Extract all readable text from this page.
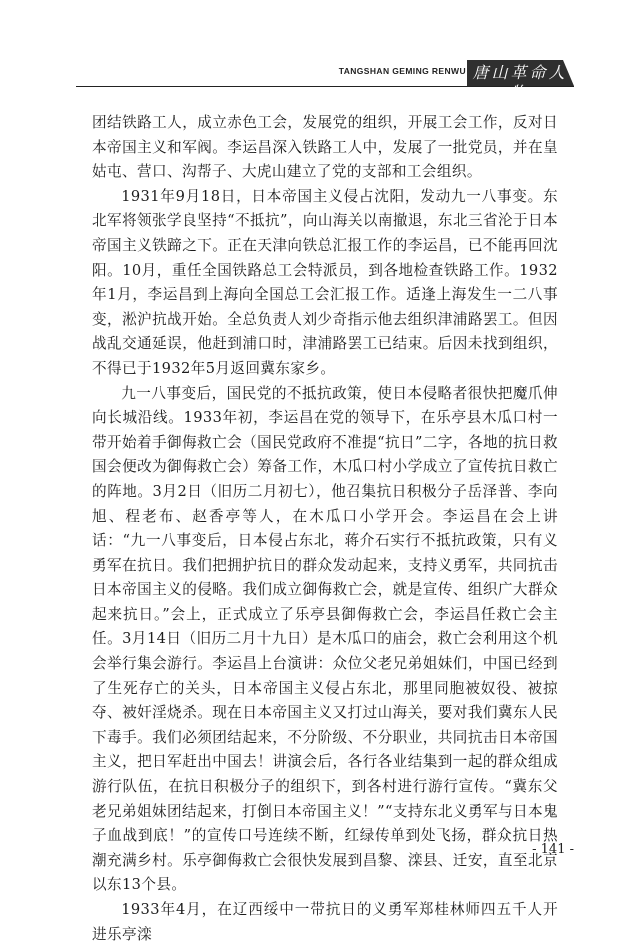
TANGSHAN GEMING RENWU 唐山革命人物

团结铁路工人，成立赤色工会，发展党的组织，开展工会工作，反对日本帝国主义和军阀。李运昌深入铁路工人中，发展了一批党员，并在皇姑屯、营口、沟帮子、大虎山建立了党的支部和工会组织。

1931年9月18日，日本帝国主义侵占沈阳，发动九一八事变。东北军将领张学良坚持“不抵抗”，向山海关以南撤退，东北三省沦于日本帝国主义铁蹄之下。正在天津向铁总汇报工作的李运昌，已不能再回沈阳。10月，重任全国铁路总工会特派员，到各地检查铁路工作。1932年1月，李运昌到上海向全国总工会汇报工作。适逢上海发生一二八事变，淞沪抗战开始。全总负责人刘少奇指示他去组织津浦路罢工。但因战乱交通延误，他赶到浦口时，津浦路罢工已结束。后因未找到组织，不得已于1932年5月返回冀东家乡。

九一八事变后，国民党的不抵抗政策，使日本侵略者很快把魔爪伸向长城沿线。1933年初，李运昌在党的领导下，在乐亭县木瓜口村一带开始着手御侮救亡会（国民党政府不准提“抗日”二字，各地的抗日救国会便改为御侮救亡会）筹备工作，木瓜口村小学成立了宣传抗日救亡的阵地。3月2日（旧历二月初七），他召集抗日积极分子岳泽普、李向旭、程老布、赵香亭等人，在木瓜口小学开会。李运昌在会上讲话：“九一八事变后，日本侵占东北，蒋介石实行不抵抗政策，只有义勇军在抗日。我们把拥护抗日的群众发动起来，支持义勇军，共同抗击日本帝国主义的侵略。我们成立御侮救亡会，就是宣传、组织广大群众起来抗日。”会上，正式成立了乐亭县御侮救亡会，李运昌任救亡会主任。3月14日（旧历二月十九日）是木瓜口的庙会，救亡会利用这个机会举行集会游行。李运昌上台演讲：众位父老兄弟姐妹们，中国已经到了生死存亡的关头，日本帝国主义侵占东北，那里同胞被奴役、被掠夺、被奸淫烧杀。现在日本帝国主义又打过山海关，要对我们冀东人民下毒手。我们必须团结起来，不分阶级、不分职业，共同抗击日本帝国主义，把日军赶出中国去！讲演会后，各行各业结集到一起的群众组成游行队伍，在抗日积极分子的组织下，到各村进行游行宣传。“冀东父老兄弟姐妹团结起来，打倒日本帝国主义！”“支持东北义勇军与日本鬼子血战到底！”的宣传口号连续不断，红绿传单到处飞扬，群众抗日热潮充满乡村。乐亭御侮救亡会很快发展到昌黎、滦县、迁安，直至北京以东13个县。

1933年4月，在辽西绥中一带抗日的义勇军郑桂林师四五千人开进乐亭滦

- 141 -
